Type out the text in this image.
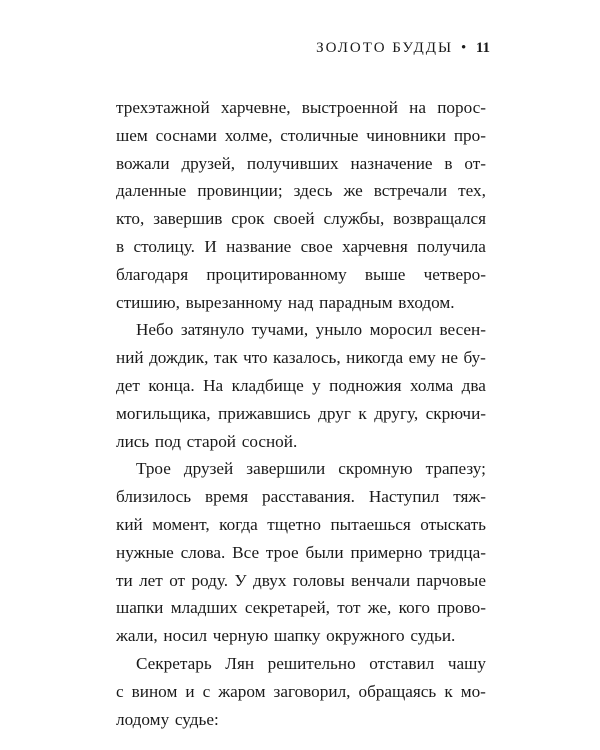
ЗОЛОТО БУДДЫ • 11
трехэтажной харчевне, выстроенной на порос-
шем соснами холме, столичные чиновники про-
вожали друзей, получивших назначение в от-
даленные провинции; здесь же встречали тех,
кто, завершив срок своей службы, возвращался
в столицу. И название свое харчевня получила
благодаря процитированному выше четверо-
стишию, вырезанному над парадным входом.
Небо затянуло тучами, уныло моросил весен-
ний дождик, так что казалось, никогда ему не бу-
дет конца. На кладбище у подножия холма два
могильщика, прижавшись друг к другу, скрючи-
лись под старой сосной.
Трое друзей завершили скромную трапезу;
близилось время расставания. Наступил тяж-
кий момент, когда тщетно пытаешься отыскать
нужные слова. Все трое были примерно тридца-
ти лет от роду. У двух головы венчали парчовые
шапки младших секретарей, тот же, кого прово-
жали, носил черную шапку окружного судьи.
Секретарь Лян решительно отставил чашу
с вином и с жаром заговорил, обращаясь к мо-
лодому судье:
